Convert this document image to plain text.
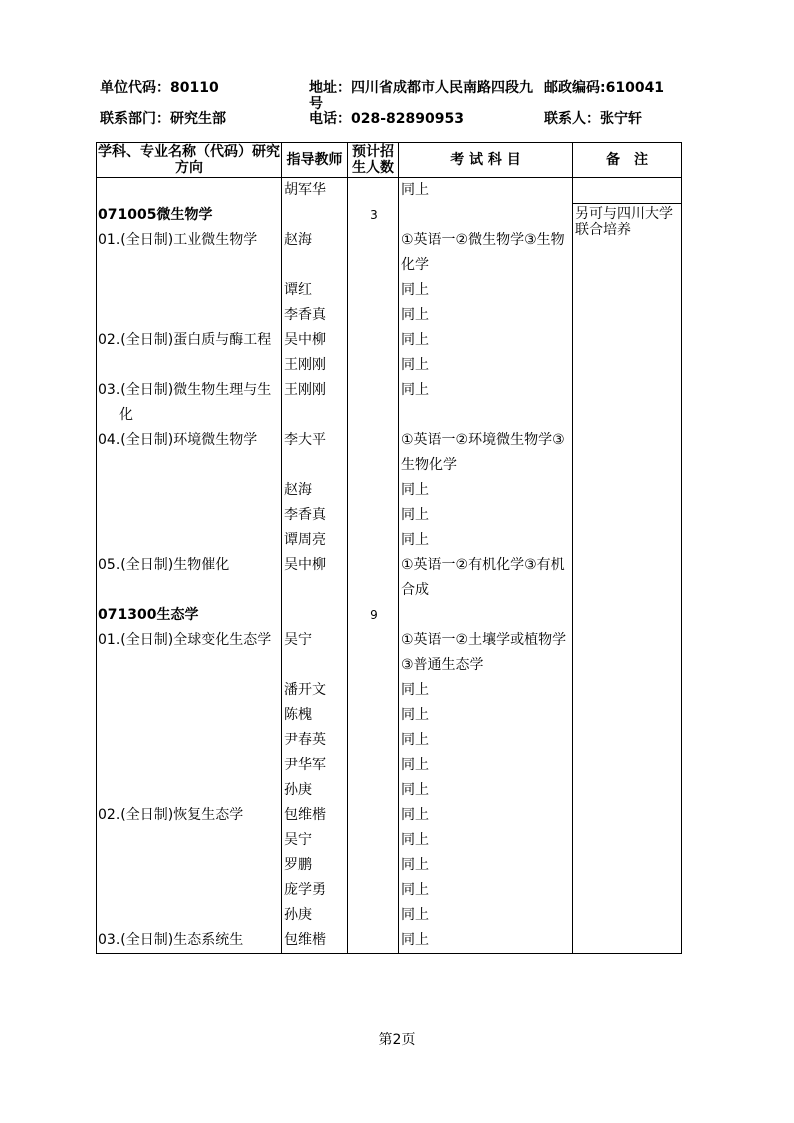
单位代码：80110	地址：四川省成都市人民南路四段九号
邮政编码:610041
联系部门：研究生部	电话：028-82890953	联系人：张宁轩
学科、专业名称（代码）研究方向	指导教师	预计招生人数	考 试 科 目	备　注

	胡军华		同上	

071005微生物学		3		另可与四川大学联合培养

01.(全日制)工业微生物学	赵海		①英语一②微生物学③生物化学	

	谭红		同上	

	李香真		同上	

02.(全日制)蛋白质与酶工程	吴中柳		同上	

	王刚刚		同上	

03.(全日制)微生物生理与生化	王刚刚		同上	

04.(全日制)环境微生物学	李大平		①英语一②环境微生物学③生物化学	

	赵海		同上	

	李香真		同上	

	谭周亮		同上	

05.(全日制)生物催化	吴中柳		①英语一②有机化学③有机合成	

071300生态学		9		

01.(全日制)全球变化生态学	吴宁		①英语一②土壤学或植物学③普通生态学	

	潘开文		同上	

	陈槐		同上	

	尹春英		同上	

	尹华军		同上	

	孙庚		同上	

02.(全日制)恢复生态学	包维楷		同上	

	吴宁		同上	

	罗鹏		同上	

	庞学勇		同上	

	孙庚		同上	

03.(全日制)生态系统生	包维楷		同上	
第2页
